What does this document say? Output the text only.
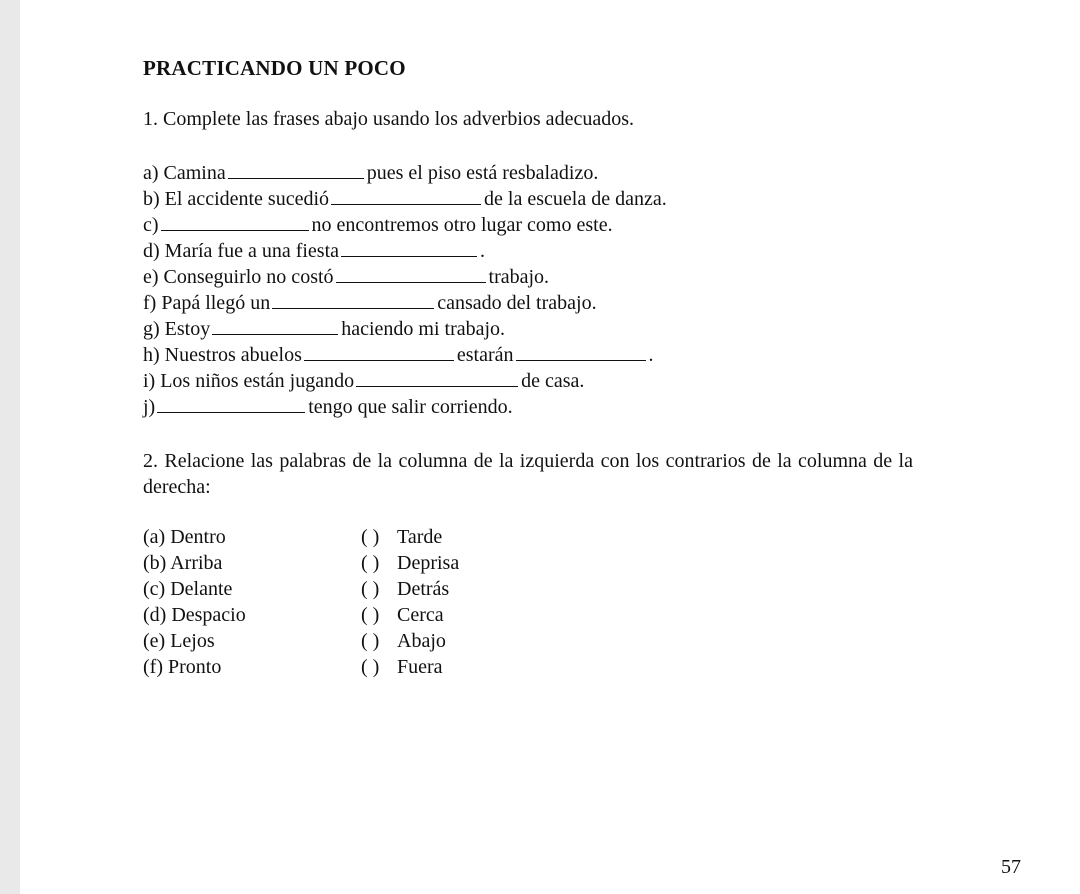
PRACTICANDO UN POCO
1. Complete las frases abajo usando los adverbios adecuados.
a) Camina	pues el piso está resbaladizo.
b) El accidente sucedió	de la escuela de danza.
c)	no encontremos otro lugar como este.
d) María fue a una fiesta	.
e) Conseguirlo no costó	trabajo.
f) Papá llegó un	cansado del trabajo.
g) Estoy	haciendo mi trabajo.
h) Nuestros abuelos	estarán	.
i) Los niños están jugando	de casa.
j)	tengo que salir corriendo.
2. Relacione las palabras de la columna de la izquierda con los contrarios de la columna de la derecha:
(a) Dentro	( ) Tarde
(b) Arriba	( ) Deprisa
(c) Delante	( ) Detrás
(d) Despacio	( ) Cerca
(e) Lejos	( ) Abajo
(f) Pronto	( ) Fuera
57
